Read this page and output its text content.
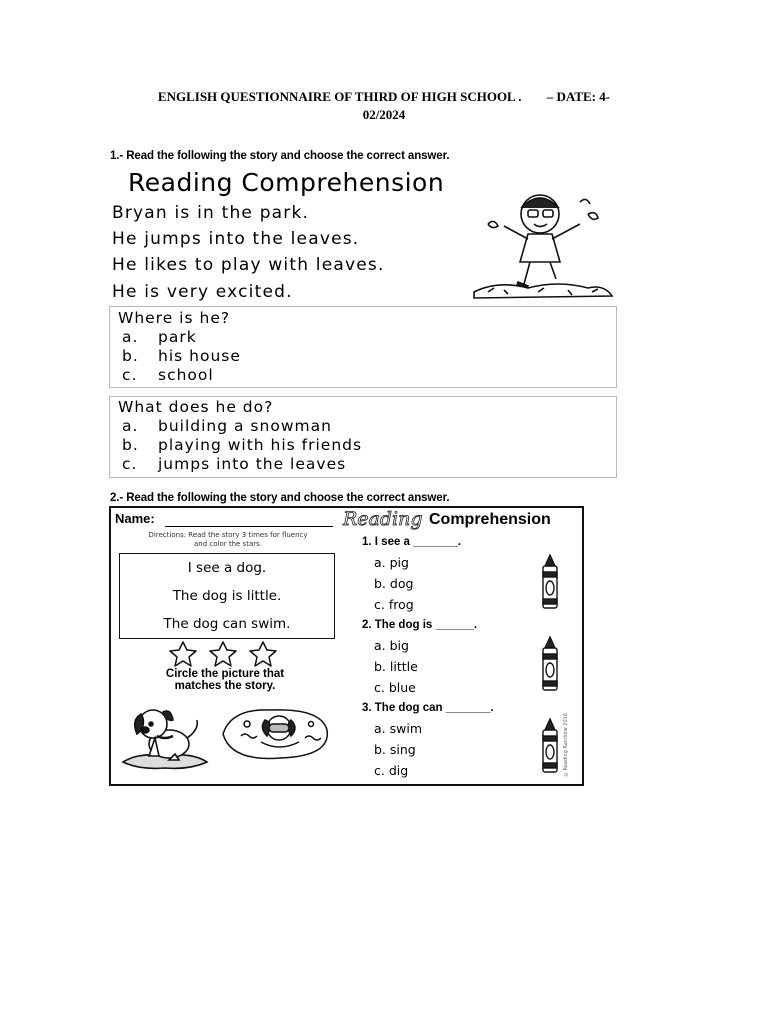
ENGLISH QUESTIONNAIRE OF THIRD OF HIGH SCHOOL . – DATE: 4-
02/2024
1.- Read the following the story and choose the correct answer.
Reading Comprehension
Bryan is in the park.
He jumps into the leaves.
He likes to play with leaves.
He is very excited.
Where is he?
a. park
b. his house
c. school
What does he do?
a. building a snowman
b. playing with his friends
c. jumps into the leaves
2.- Read the following the story and choose the correct answer.
Name:	Reading Comprehension
Directions: Read the story 3 times for fluency
and color the stars.
I see a dog.
The dog is little.
The dog can swim.
Circle the picture that
matches the story.
1. I see a _______.
a. pig
b. dog
c. frog
2. The dog is ______.
a. big
b. little
c. blue
3. The dog can _______.
a. swim
b. sing
c. dig	©Reading Rainbow 2016
